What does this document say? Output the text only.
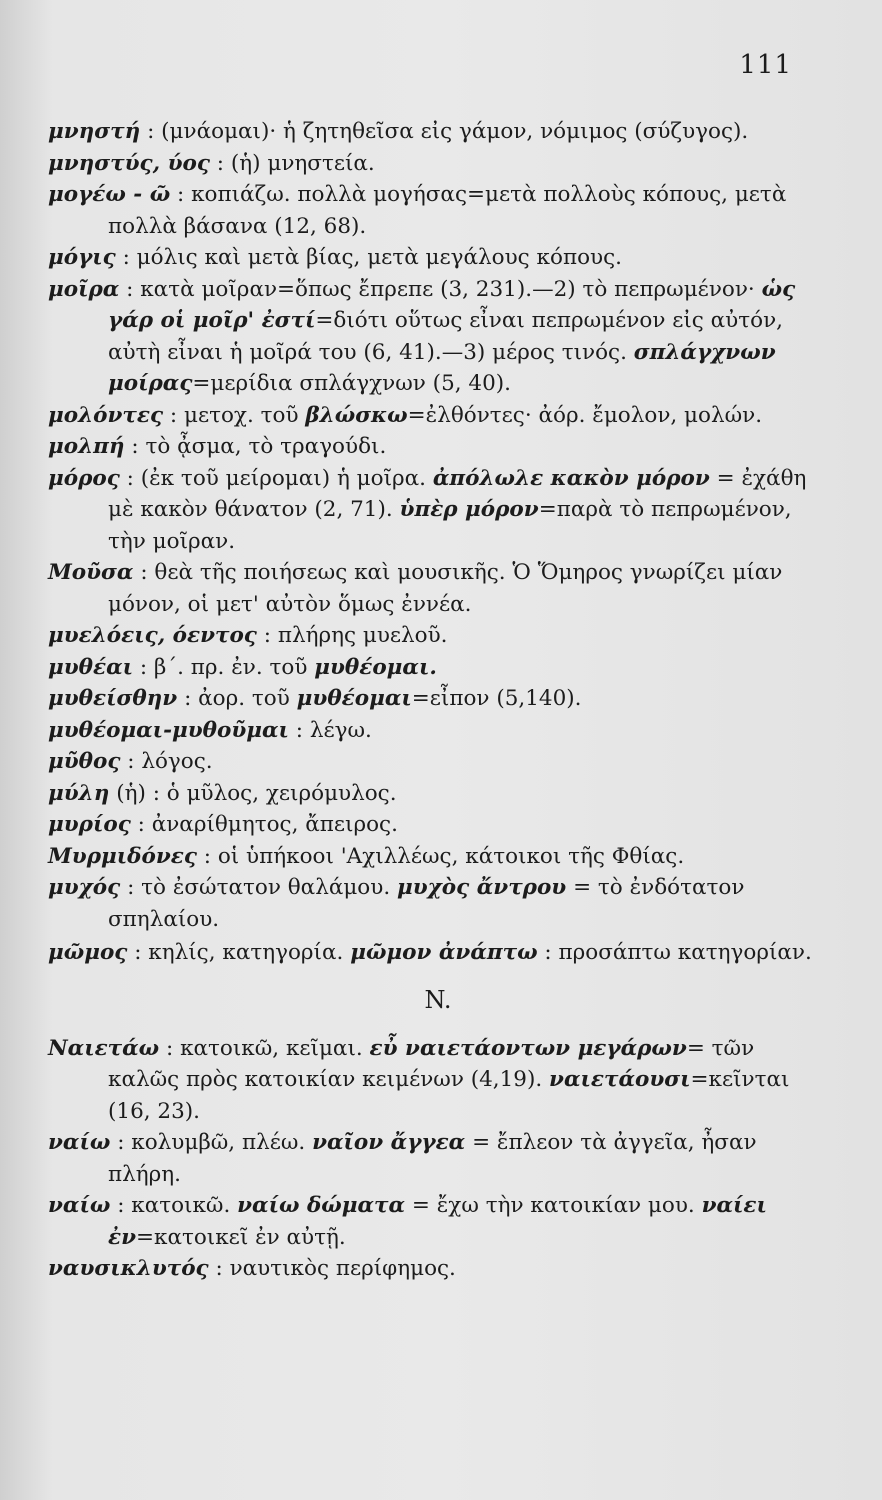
111

μνηστή : (μνάομαι)· ἡ ζητηθεῖσα εἰς γάμον, νόμιμος (σύζυγος).

μνηστύς, ύος : (ἡ) μνηστεία.

μογέω - ῶ : κοπιάζω. πολλὰ μογήσας=μετὰ πολλοὺς κόπους, μετὰ πολλὰ βάσανα (12, 68).

μόγις : μόλις καὶ μετὰ βίας, μετὰ μεγάλους κόπους.

μοῖρα : κατὰ μοῖραν=ὅπως ἔπρεπε (3, 231).—2) τὸ πεπρωμένον· ὡς γάρ οἱ μοῖρ' ἐστί=διότι οὕτως εἶναι πεπρωμένον εἰς αὐτόν, αὐτὴ εἶναι ἡ μοῖρά του (6, 41).—3) μέρος τινός. σπλάγχνων μοίρας=μερίδια σπλάγχνων (5, 40).

μολόντες : μετοχ. τοῦ βλώσκω=ἐλθόντες· ἀόρ. ἔμολον, μολών.

μολπή : τὸ ᾆσμα, τὸ τραγούδι.

μόρος : (ἐκ τοῦ μείρομαι) ἡ μοῖρα. ἀπόλωλε κακὸν μόρον = ἐχάθη μὲ κακὸν θάνατον (2, 71). ὑπὲρ μόρον=παρὰ τὸ πεπρωμένον, τὴν μοῖραν.

Μοῦσα : θεὰ τῆς ποιήσεως καὶ μουσικῆς. Ὁ Ὅμηρος γνωρίζει μίαν μόνον, οἱ μετ' αὐτὸν ὅμως ἐννέα.

μυελόεις, όεντος : πλήρης μυελοῦ.

μυθέαι : β΄. πρ. ἐν. τοῦ μυθέομαι.

μυθείσθην : ἀορ. τοῦ μυθέομαι=εἶπον (5,140).

μυθέομαι-μυθοῦμαι : λέγω.

μῦθος : λόγος.

μύλη (ἡ) : ὁ μῦλος, χειρόμυλος.

μυρίος : ἀναρίθμητος, ἄπειρος.

Μυρμιδόνες : οἱ ὑπήκοοι 'Αχιλλέως, κάτοικοι τῆς Φθίας.

μυχός : τὸ ἐσώτατον θαλάμου. μυχὸς ἄντρου = τὸ ἐνδότατον σπηλαίου.

μῶμος : κηλίς, κατηγορία. μῶμον ἀνάπτω : προσάπτω κατηγορίαν.

N.

Ναιετάω : κατοικῶ, κεῖμαι. εὖ ναιετάοντων μεγάρων= τῶν καλῶς πρὸς κατοικίαν κειμένων (4,19). ναιετάουσι=κεῖνται (16, 23).

ναίω : κολυμβῶ, πλέω. ναῖον ἄγγεα = ἔπλεον τὰ ἀγγεῖα, ἦσαν πλήρη.

ναίω : κατοικῶ. ναίω δώματα = ἔχω τὴν κατοικίαν μου. ναίει ἐν=κατοικεῖ ἐν αὐτῇ.

ναυσικλυτός : ναυτικὸς περίφημος.
